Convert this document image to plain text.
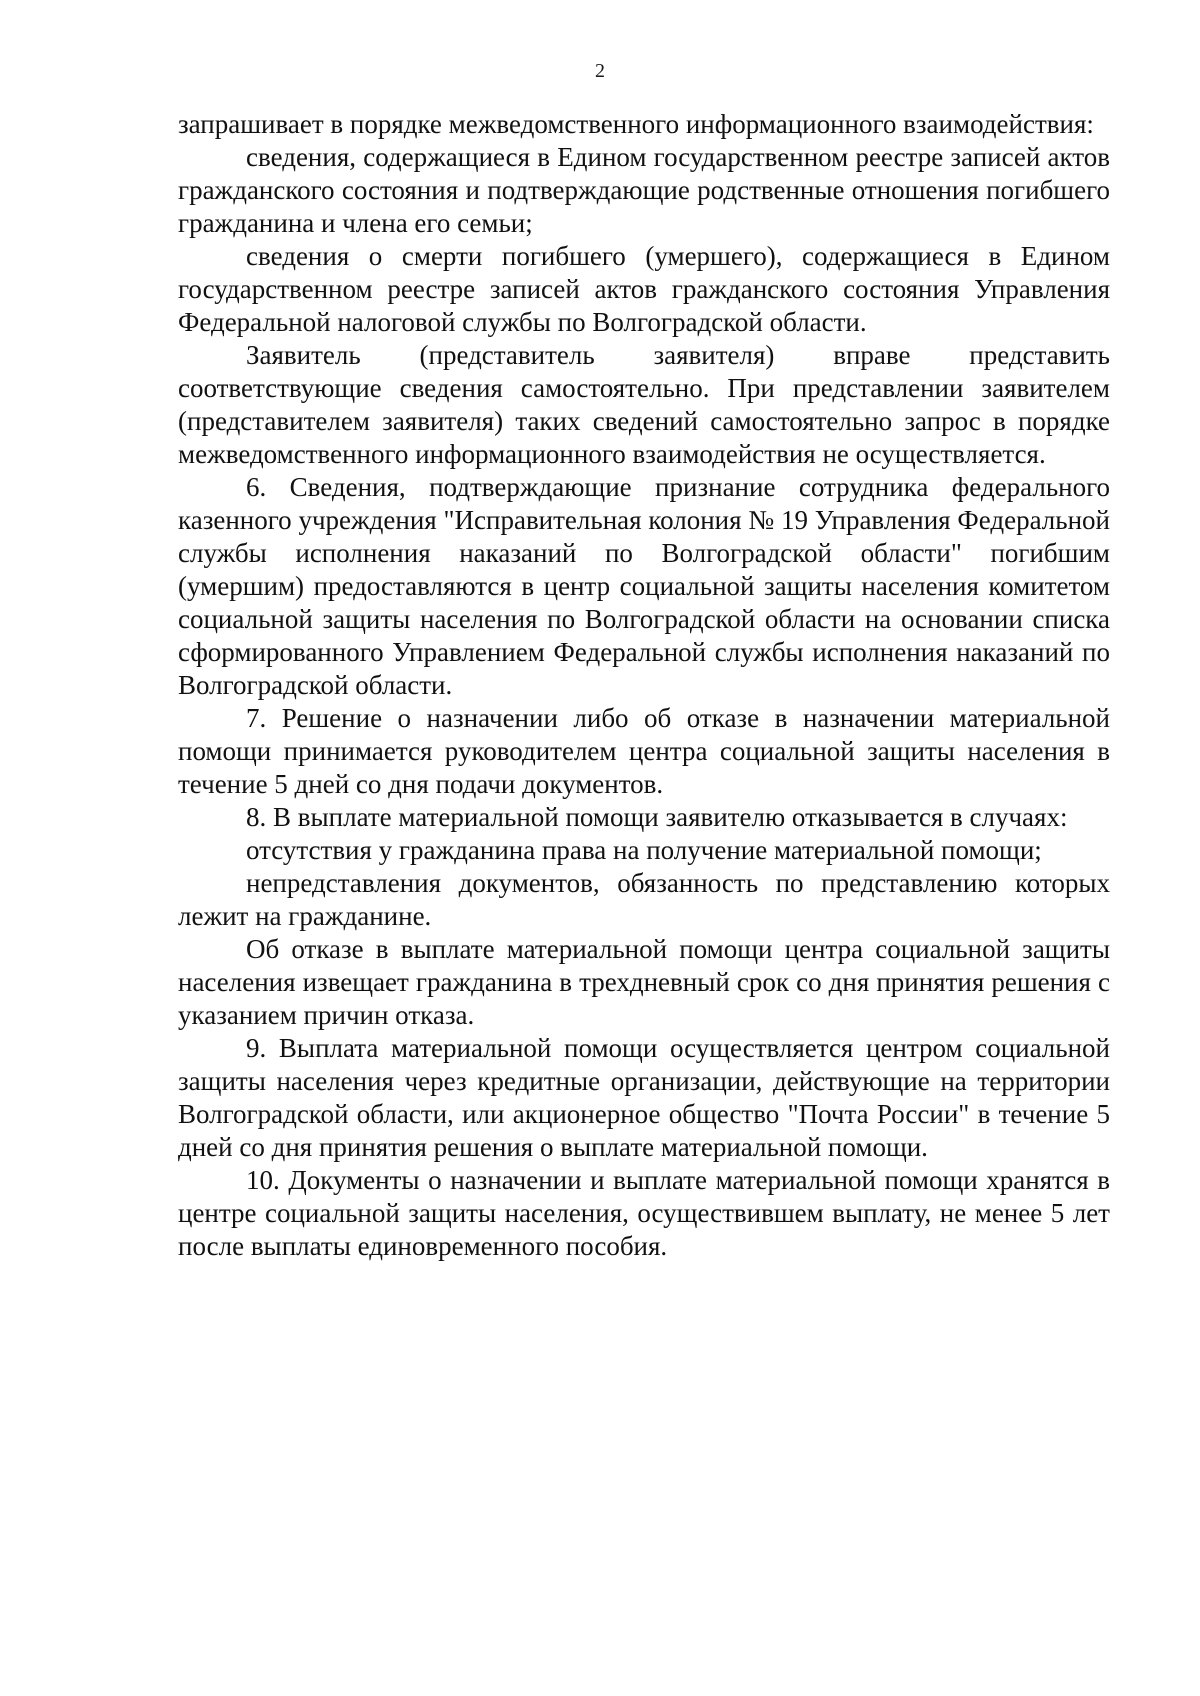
2

запрашивает в порядке межведомственного информационного взаимодействия:

сведения, содержащиеся в Едином государственном реестре записей актов гражданского состояния и подтверждающие родственные отношения погибшего гражданина и члена его семьи;

сведения о смерти погибшего (умершего), содержащиеся в Едином государственном реестре записей актов гражданского состояния Управления Федеральной налоговой службы по Волгоградской области.

Заявитель (представитель заявителя) вправе представить соответствующие сведения самостоятельно. При представлении заявителем (представителем заявителя) таких сведений самостоятельно запрос в порядке межведомственного информационного взаимодействия не осуществляется.

6. Сведения, подтверждающие признание сотрудника федерального казенного учреждения "Исправительная колония № 19 Управления Федеральной службы исполнения наказаний по Волгоградской области" погибшим (умершим) предоставляются в центр социальной защиты населения комитетом социальной защиты населения по Волгоградской области на основании списка сформированного Управлением Федеральной службы исполнения наказаний по Волгоградской области.

7. Решение о назначении либо об отказе в назначении материальной помощи принимается руководителем центра социальной защиты населения в течение 5 дней со дня подачи документов.

8. В выплате материальной помощи заявителю отказывается в случаях:

отсутствия у гражданина права на получение материальной помощи;

непредставления документов, обязанность по представлению которых лежит на гражданине.

Об отказе в выплате материальной помощи центра социальной защиты населения извещает гражданина в трехдневный срок со дня принятия решения с указанием причин отказа.

9. Выплата материальной помощи осуществляется центром социальной защиты населения через кредитные организации, действующие на территории Волгоградской области, или акционерное общество "Почта России" в течение 5 дней со дня принятия решения о выплате материальной помощи.

10. Документы о назначении и выплате материальной помощи хранятся в центре социальной защиты населения, осуществившем выплату, не менее 5 лет после выплаты единовременного пособия.
